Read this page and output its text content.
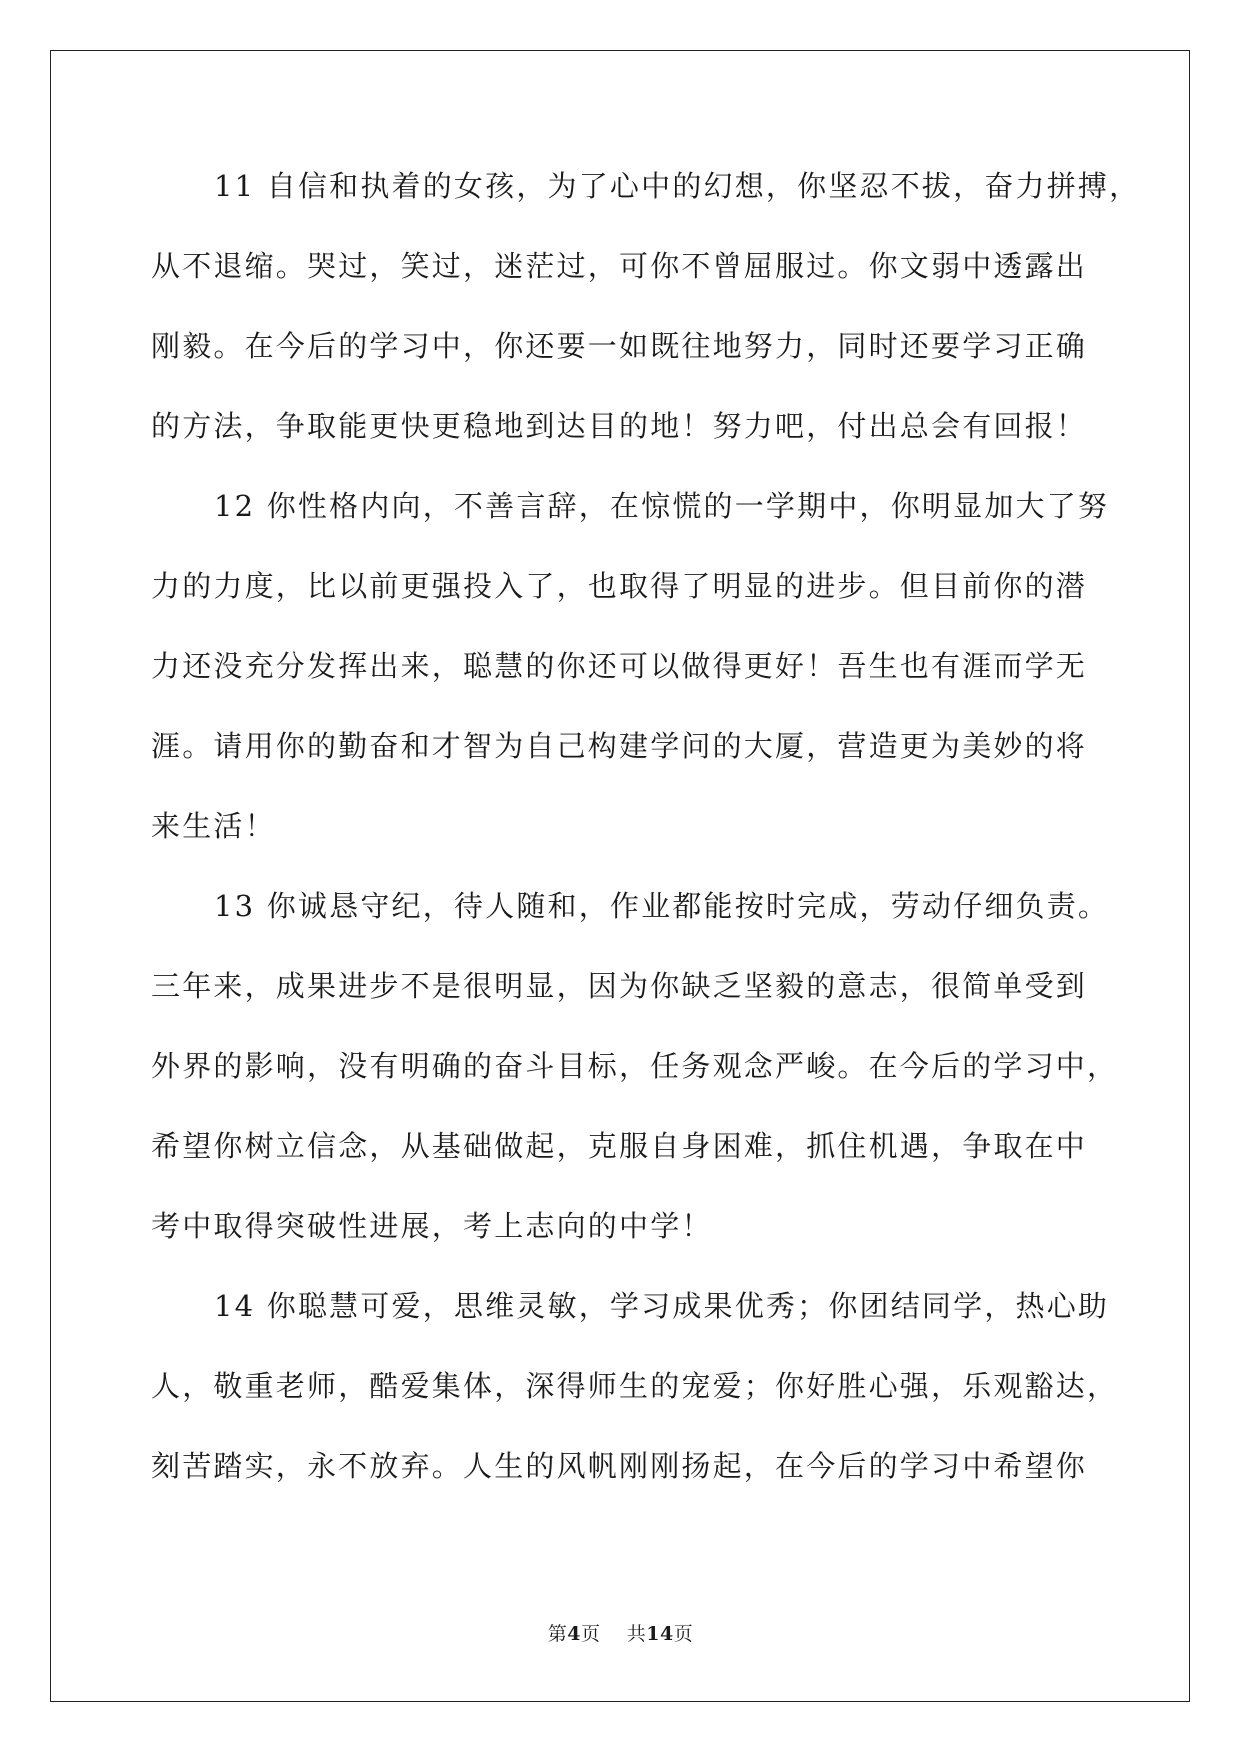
11 自信和执着的女孩，为了心中的幻想，你坚忍不拔，奋力拼搏，
从不退缩。哭过，笑过，迷茫过，可你不曾屈服过。你文弱中透露出
刚毅。在今后的学习中，你还要一如既往地努力，同时还要学习正确
的方法，争取能更快更稳地到达目的地！努力吧，付出总会有回报！
12 你性格内向，不善言辞，在惊慌的一学期中，你明显加大了努
力的力度，比以前更强投入了，也取得了明显的进步。但目前你的潜
力还没充分发挥出来，聪慧的你还可以做得更好！吾生也有涯而学无
涯。请用你的勤奋和才智为自己构建学问的大厦，营造更为美妙的将
来生活！
13 你诚恳守纪，待人随和，作业都能按时完成，劳动仔细负责。
三年来，成果进步不是很明显，因为你缺乏坚毅的意志，很简单受到
外界的影响，没有明确的奋斗目标，任务观念严峻。在今后的学习中，
希望你树立信念，从基础做起，克服自身困难，抓住机遇，争取在中
考中取得突破性进展，考上志向的中学！
14 你聪慧可爱，思维灵敏，学习成果优秀；你团结同学，热心助
人，敬重老师，酷爱集体，深得师生的宠爱；你好胜心强，乐观豁达，
刻苦踏实，永不放弃。人生的风帆刚刚扬起，在今后的学习中希望你
第4页 共14页
